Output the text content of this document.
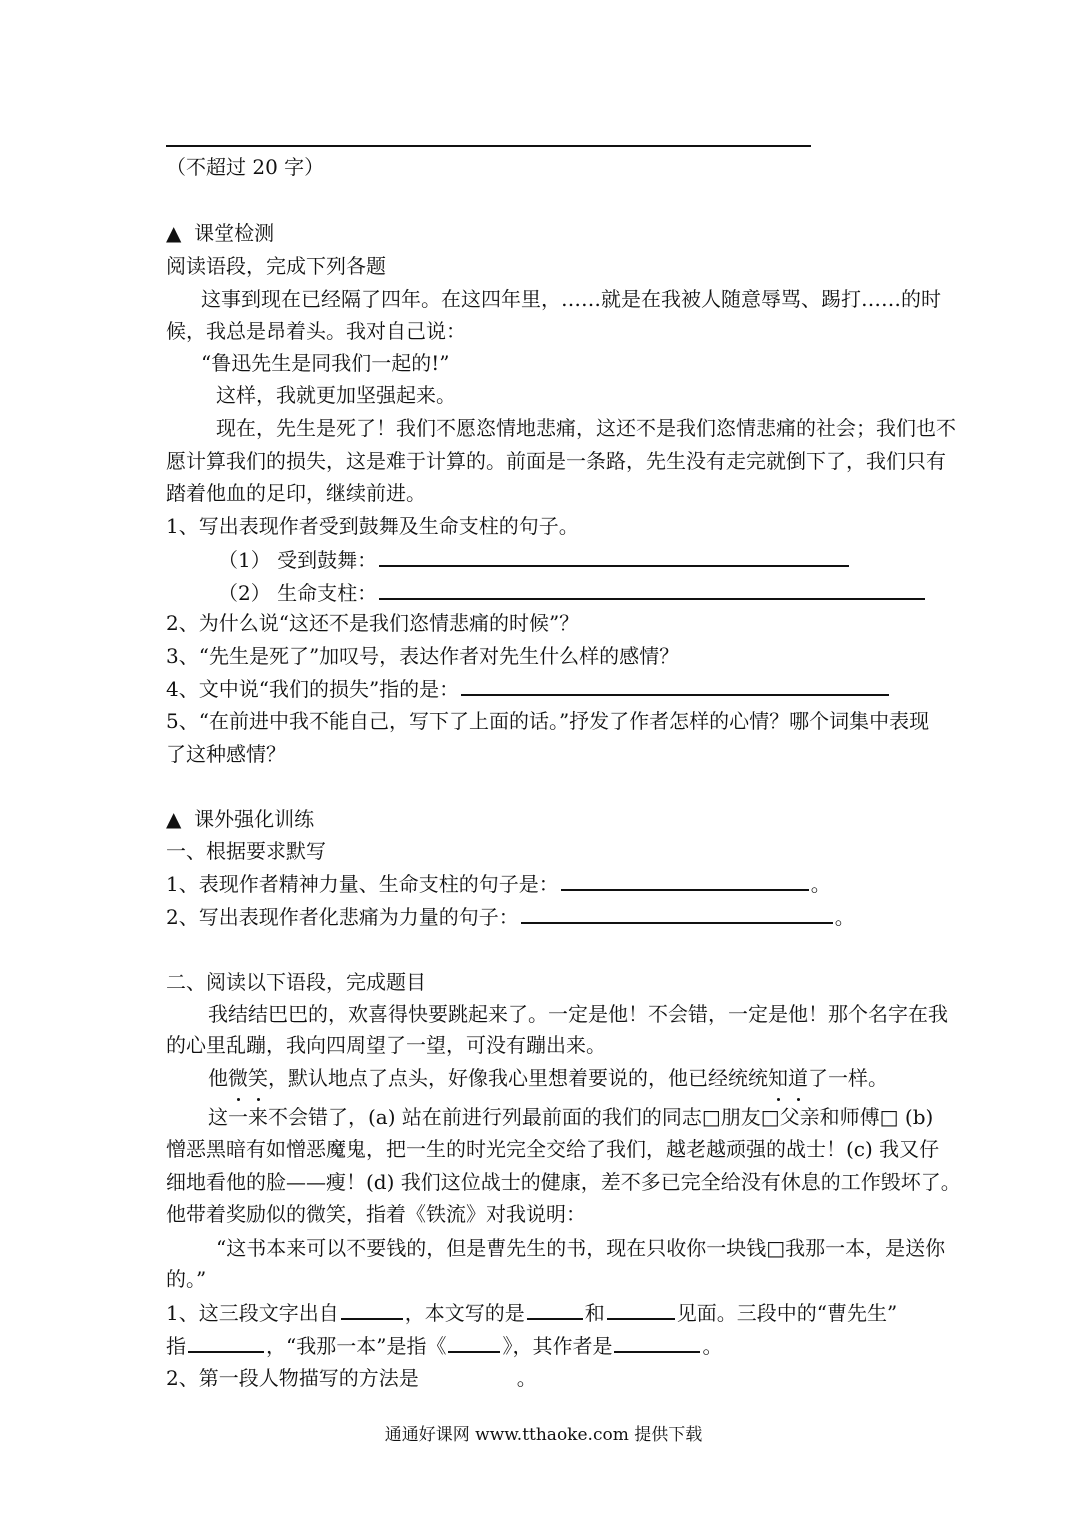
（不超过 20 字）
▲ 课堂检测
阅读语段，完成下列各题
这事到现在已经隔了四年。在这四年里，……就是在我被人随意辱骂、踢打……的时
候，我总是昂着头。我对自己说：
“鲁迅先生是同我们一起的!”
这样，我就更加坚强起来。
现在，先生是死了！我们不愿恣情地悲痛，这还不是我们恣情悲痛的社会；我们也不
愿计算我们的损失，这是难于计算的。前面是一条路，先生没有走完就倒下了，我们只有
踏着他血的足印，继续前进。
1、写出表现作者受到鼓舞及生命支柱的句子。
（1） 受到鼓舞：
（2） 生命支柱：
2、为什么说“这还不是我们恣情悲痛的时候”？
3、“先生是死了”加叹号，表达作者对先生什么样的感情？
4、文中说“我们的损失”指的是：
5、“在前进中我不能自己，写下了上面的话。”抒发了作者怎样的心情？哪个词集中表现
了这种感情？
▲ 课外强化训练
一、根据要求默写
1、表现作者精神力量、生命支柱的句子是：	。
2、写出表现作者化悲痛为力量的句子：	。
二、阅读以下语段，完成题目
我结结巴巴的，欢喜得快要跳起来了。一定是他！不会错，一定是他！那个名字在我
的心里乱蹦，我向四周望了一望，可没有蹦出来。
他微笑，默认地点了点头，好像我心里想着要说的，他已经统统知道了一样。
这一来不会错了，(a) 站在前进行列最前面的我们的同志□朋友□父亲和师傅□ (b)
憎恶黑暗有如憎恶魔鬼，把一生的时光完全交给了我们，越老越顽强的战士！(c) 我又仔
细地看他的脸——瘦！(d) 我们这位战士的健康，差不多已完全给没有休息的工作毁坏了。
他带着奖励似的微笑，指着《铁流》对我说明：
“这书本来可以不要钱的，但是曹先生的书，现在只收你一块钱□我那一本，是送你
的。”
1、这三段文字出自	，本文写的是	和	见面。三段中的“曹先生”
指	，“我那一本”是指《	》，其作者是	。
2、第一段人物描写的方法是	。
通通好课网 www.tthaoke.com 提供下载
